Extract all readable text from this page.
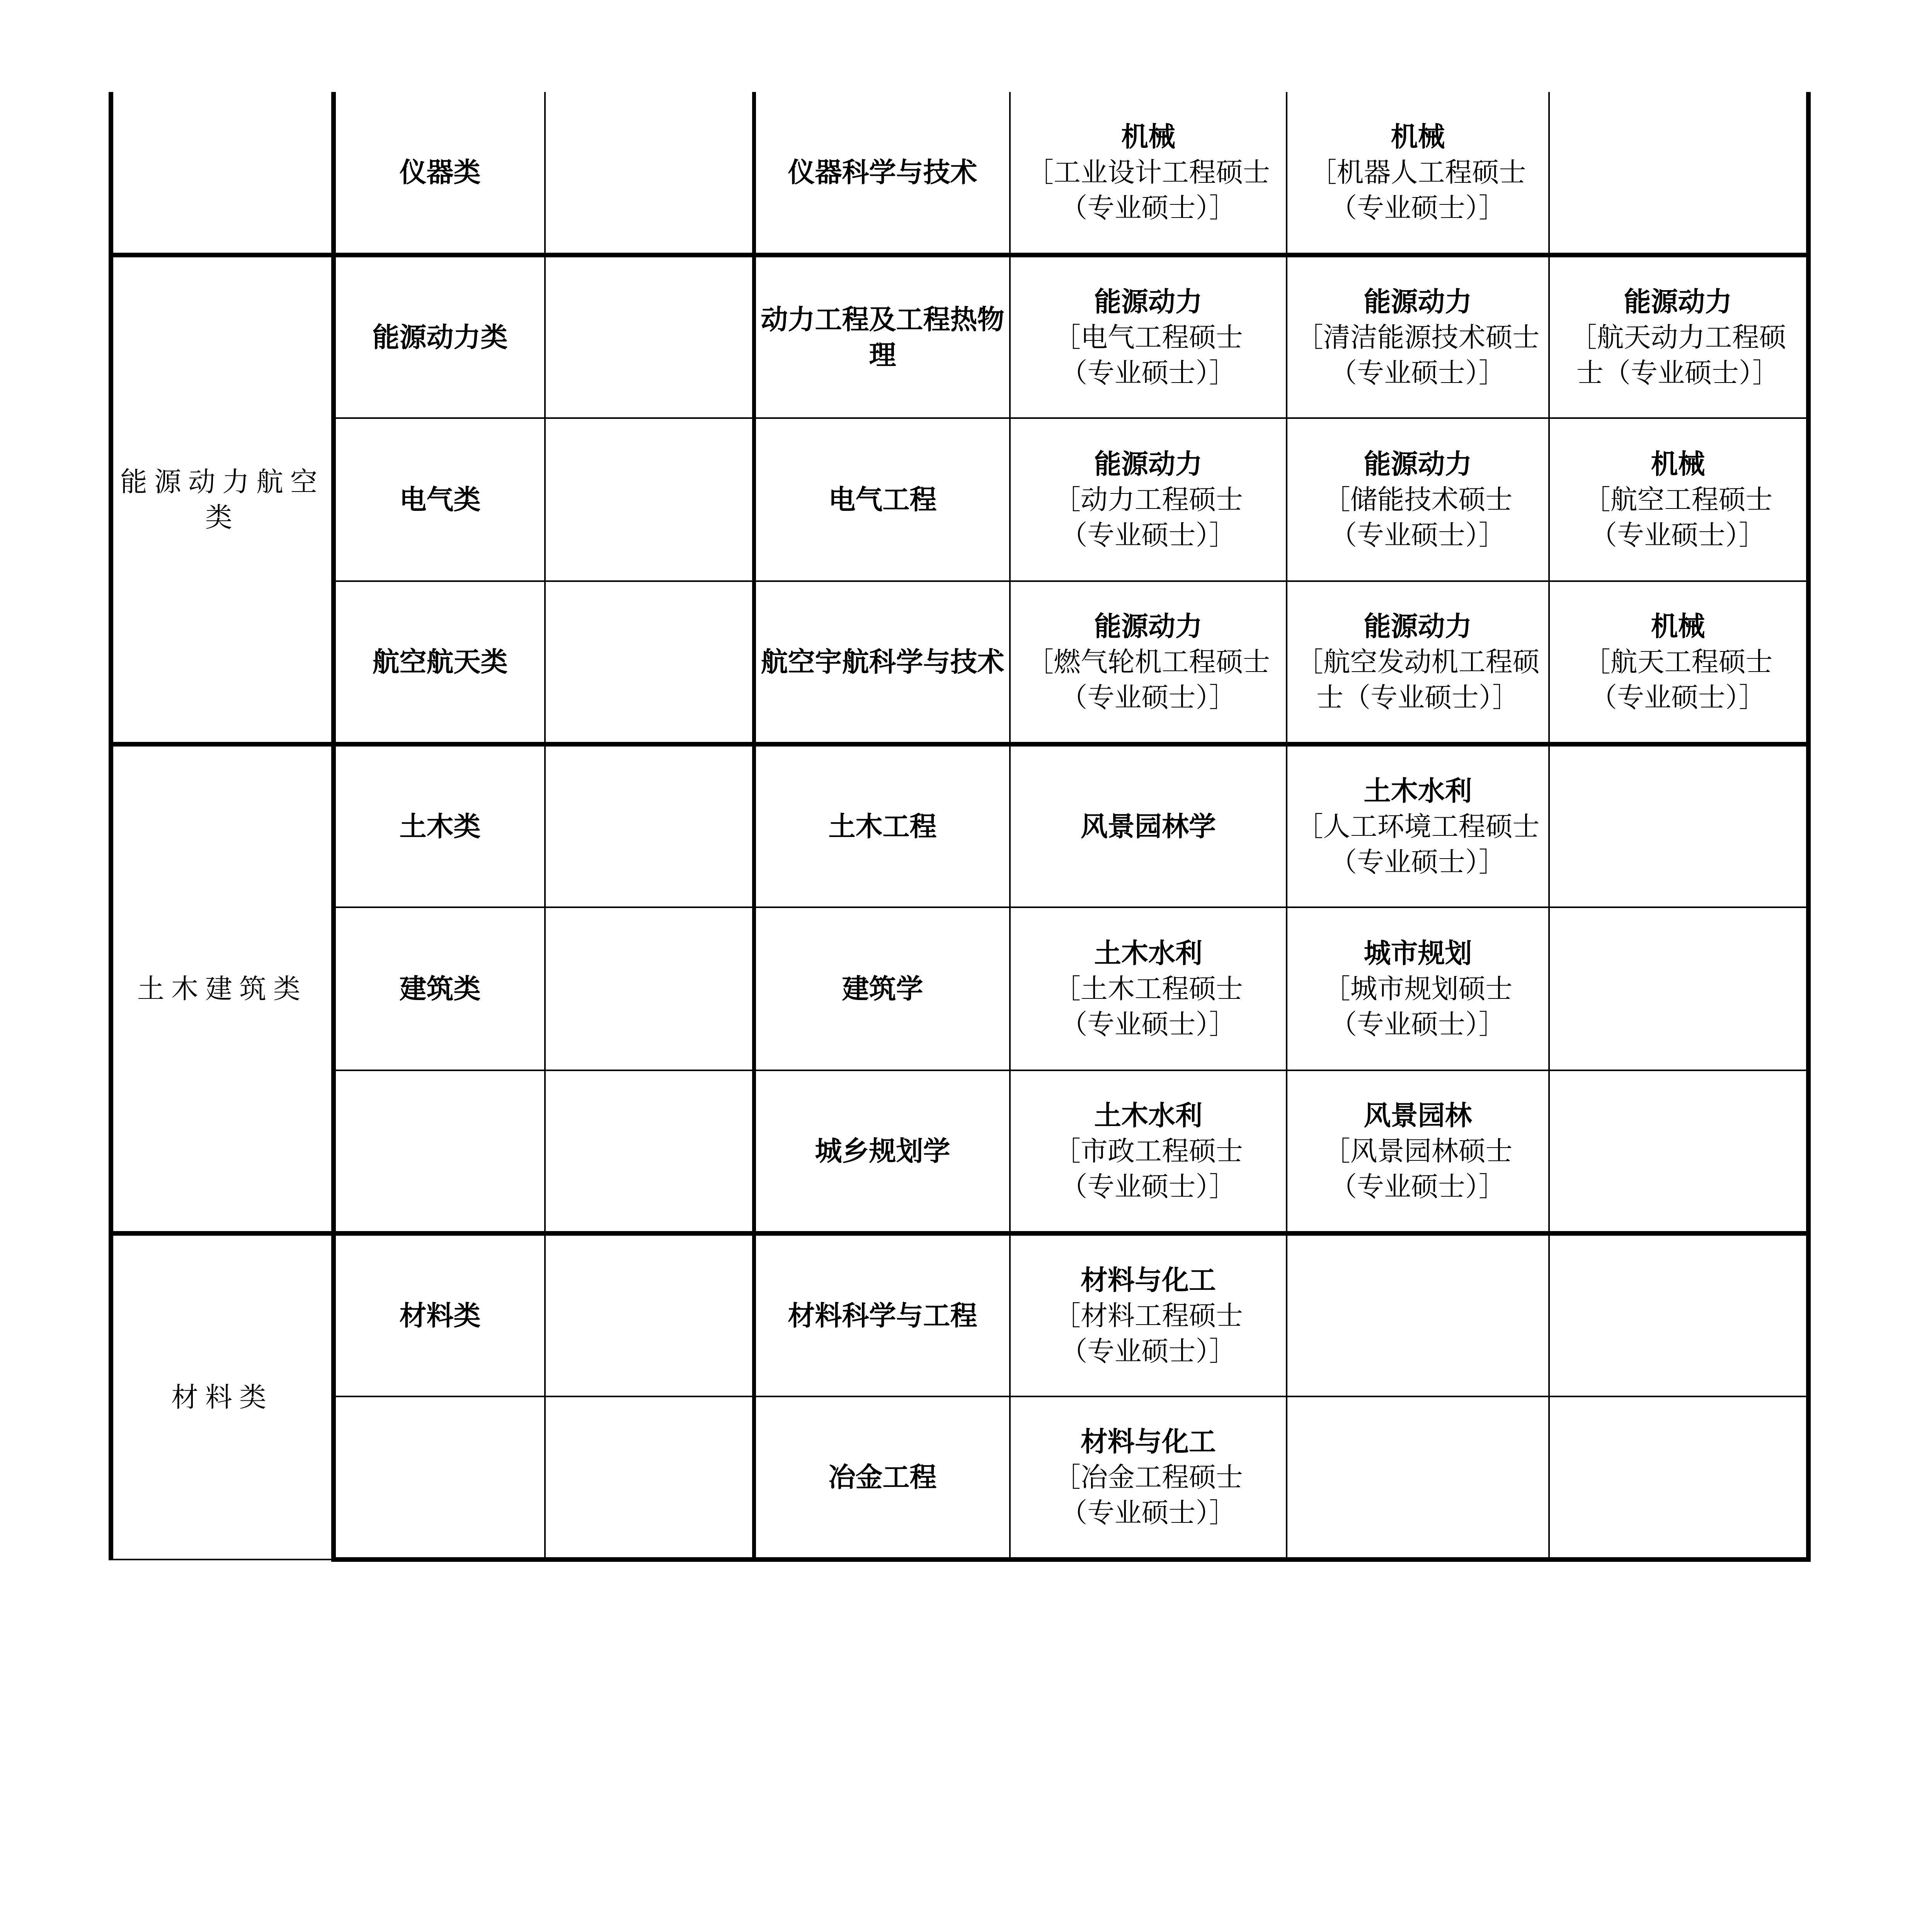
	仪器类		仪器科学与技术	机械
［工业设计工程硕士
（专业硕士）］	机械
［机器人工程硕士
（专业硕士）］	

能源动力航空类	能源动力类		动力工程及工程热物理	能源动力
［电气工程硕士
（专业硕士）］	能源动力
［清洁能源技术硕士
（专业硕士）］	能源动力
［航天动力工程硕
士（专业硕士）］

	电气类		电气工程	能源动力
［动力工程硕士
（专业硕士）］	能源动力
［储能技术硕士
（专业硕士）］	机械
［航空工程硕士
（专业硕士）］

	航空航天类		航空宇航科学与技术	能源动力
［燃气轮机工程硕士
（专业硕士）］	能源动力
［航空发动机工程硕
士（专业硕士）］	机械
［航天工程硕士
（专业硕士）］

土木建筑类	土木类		土木工程	风景园林学	土木水利
［人工环境工程硕士
（专业硕士）］	

	建筑类		建筑学	土木水利
［土木工程硕士
（专业硕士）］	城市规划
［城市规划硕士
（专业硕士）］	

			城乡规划学	土木水利
［市政工程硕士
（专业硕士）］	风景园林
［风景园林硕士
（专业硕士）］	

材料类	材料类		材料科学与工程	材料与化工
［材料工程硕士
（专业硕士）］		

			冶金工程	材料与化工
［冶金工程硕士
（专业硕士）］		
